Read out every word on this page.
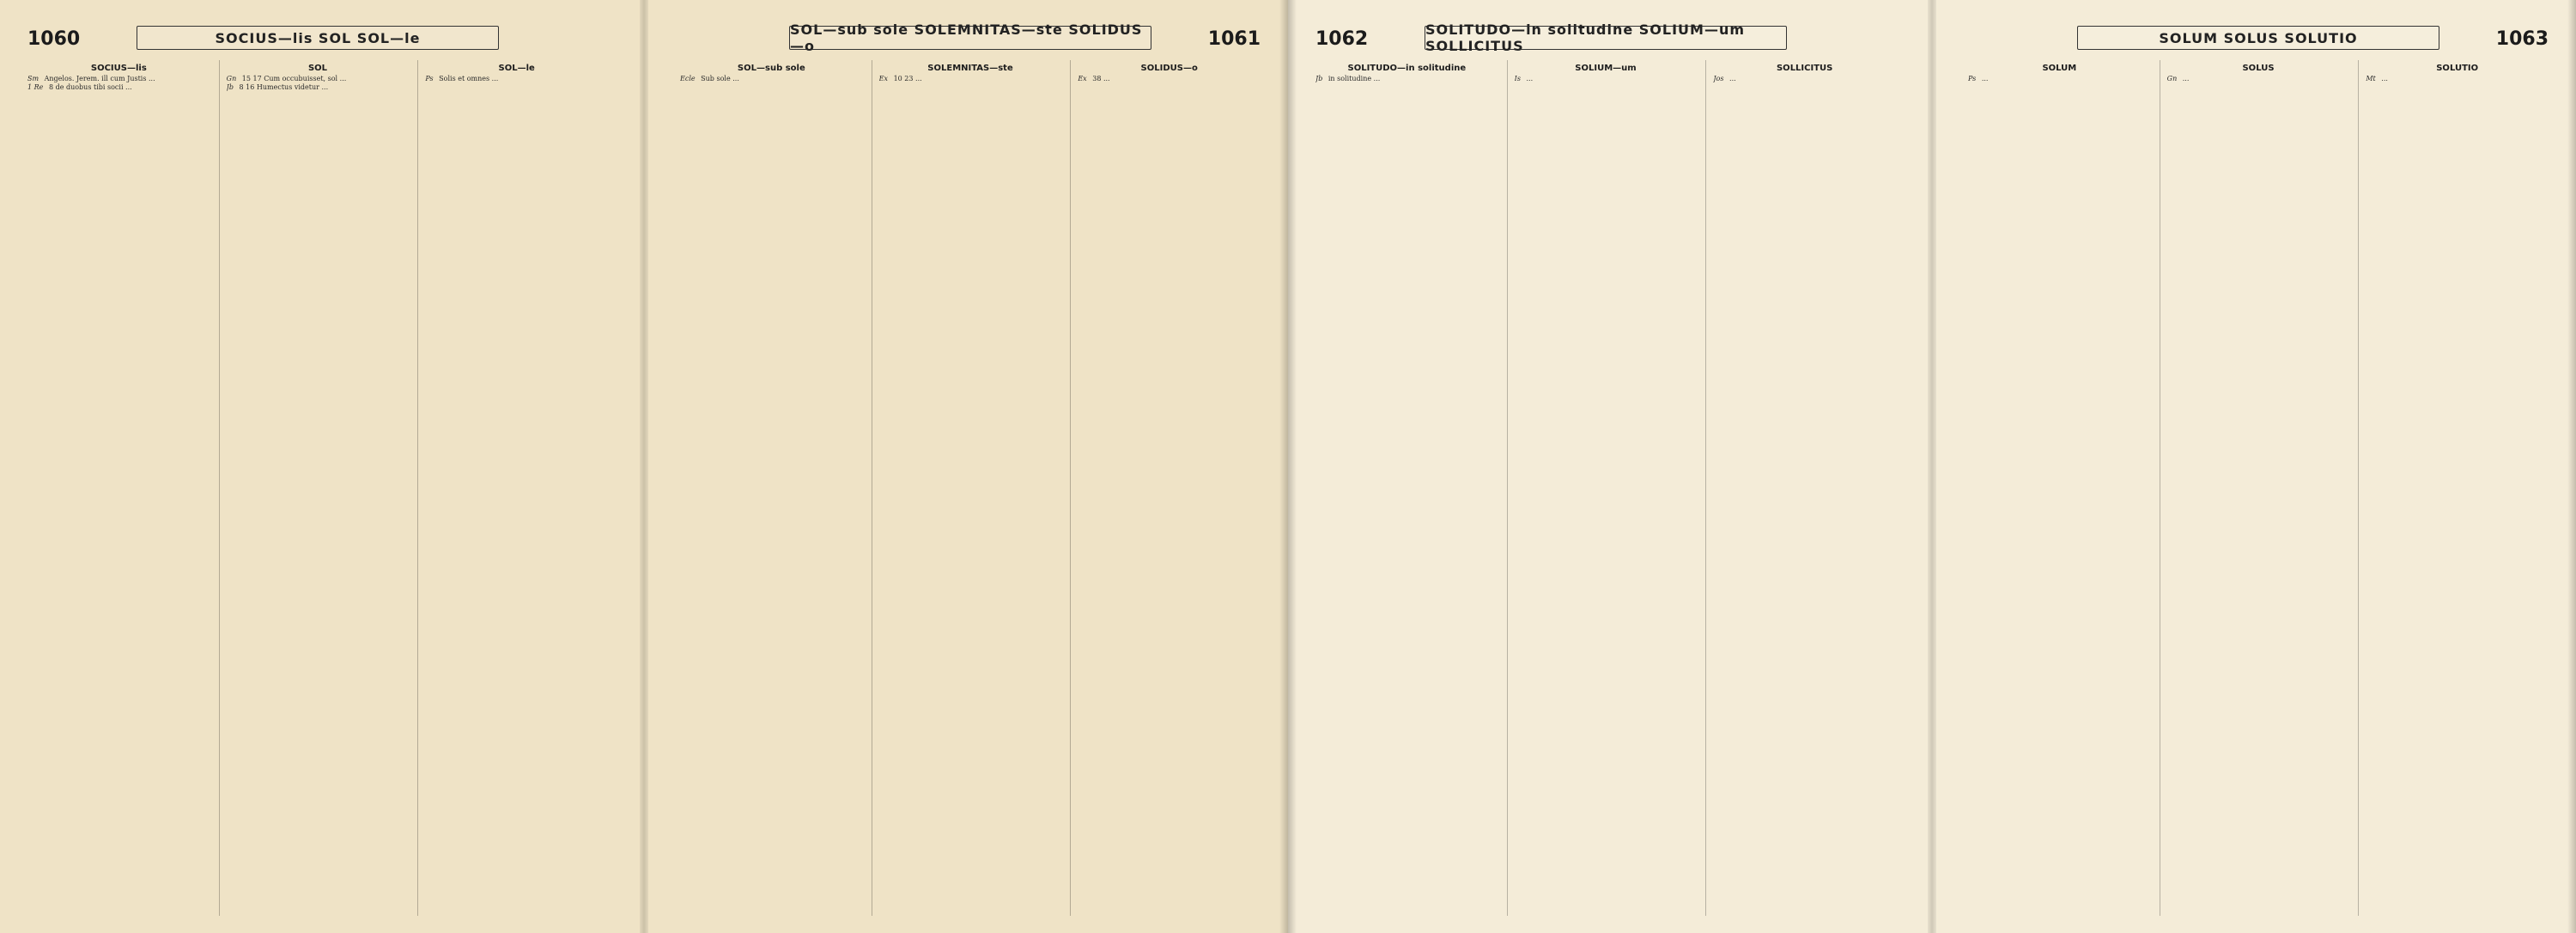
1060	SOCIUS—lis SOL SOL—le
SOCIUS—lis
Sm Angelos. Jerem. ill cum Justis ...
1 Re 8 de duobus tibi socii ...
SOL
Gn 15 17 Cum occubuisset, sol ...
Jb 8 16 Humectus videtur ...
SOL—le
Ps Solis et omnes ...
SOL—sub sole SOLEMNITAS—ste SOLIDUS—o	1061
SOL—sub sole
Ecle Sub sole ...
SOLEMNITAS—ste
Ex 10 23 ...
SOLIDUS—o
Ex 38 ...
1062	SOLITUDO—in solitudine SOLIUM—um SOLLICITUS
SOLITUDO—in solitudine
Jb in solitudine ...
SOLIUM—um
Is ...
SOLLICITUS
Jos ...
SOLUM SOLUS SOLUTIO	1063
SOLUM
Ps ...
SOLUS
Gn ...
SOLUTIO
Mt ...
